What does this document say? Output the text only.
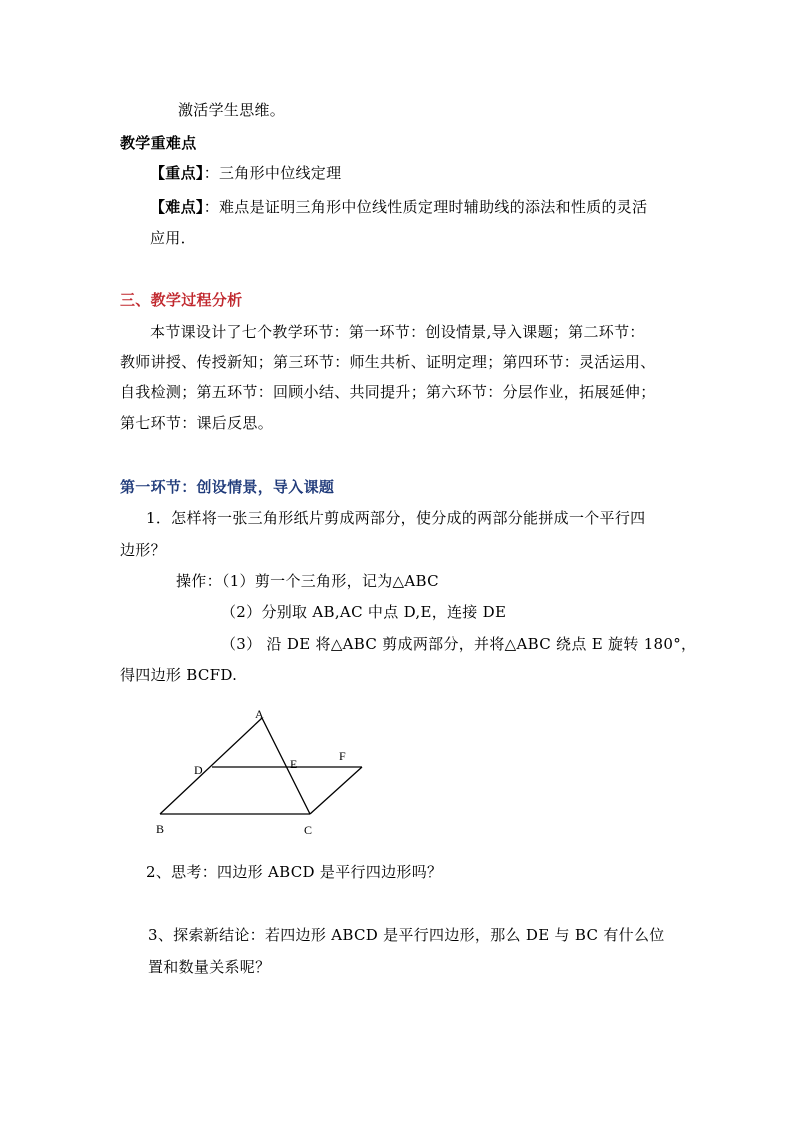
激活学生思维。
教学重难点
【重点】：三角形中位线定理
【难点】：难点是证明三角形中位线性质定理时辅助线的添法和性质的灵活
应用．
三、教学过程分析
本节课设计了七个教学环节：第一环节：创设情景,导入课题；第二环节：
教师讲授、传授新知；第三环节：师生共析、证明定理；第四环节：灵活运用、
自我检测；第五环节：回顾小结、共同提升；第六环节：分层作业，拓展延伸；
第七环节：课后反思。
第一环节：创设情景，导入课题
1．怎样将一张三角形纸片剪成两部分，使分成的两部分能拼成一个平行四
边形？
操作：（1）剪一个三角形，记为△ABC
（2）分别取 AB,AC 中点 D,E，连接 DE
（3） 沿 DE 将△ABC 剪成两部分，并将△ABC 绕点 E 旋转 180°，
得四边形 BCFD.
A
D	E
F
B	C
2、思考：四边形 ABCD 是平行四边形吗？
3、探索新结论：若四边形 ABCD 是平行四边形，那么 DE 与 BC 有什么位
置和数量关系呢？
